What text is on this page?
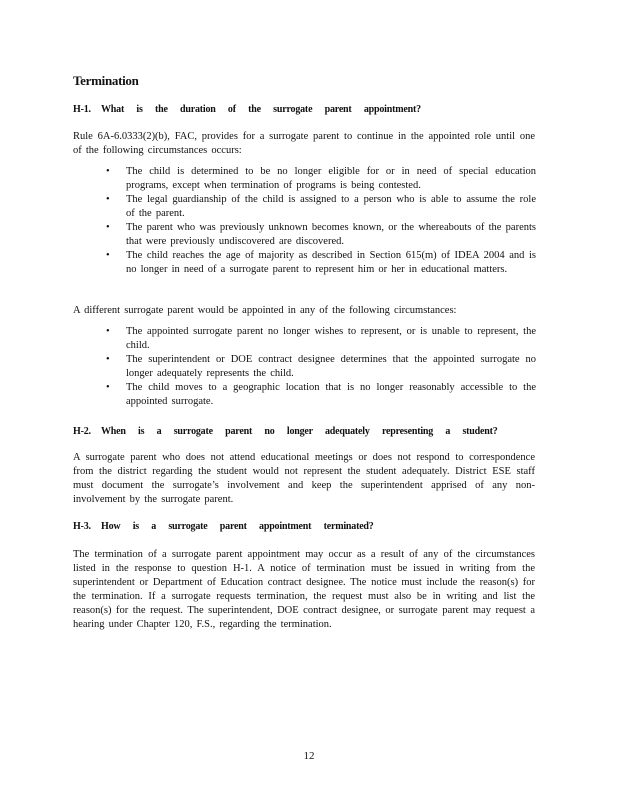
Termination
H-1. What is the duration of the surrogate parent appointment?
Rule 6A-6.0333(2)(b), FAC, provides for a surrogate parent to continue in the appointed role until one of the following circumstances occurs:
• The child is determined to be no longer eligible for or in need of special education programs, except when termination of programs is being contested.
• The legal guardianship of the child is assigned to a person who is able to assume the role of the parent.
• The parent who was previously unknown becomes known, or the whereabouts of the parents that were previously undiscovered are discovered.
• The child reaches the age of majority as described in Section 615(m) of IDEA 2004 and is no longer in need of a surrogate parent to represent him or her in educational matters.
A different surrogate parent would be appointed in any of the following circumstances:
• The appointed surrogate parent no longer wishes to represent, or is unable to represent, the child.
• The superintendent or DOE contract designee determines that the appointed surrogate no longer adequately represents the child.
• The child moves to a geographic location that is no longer reasonably accessible to the appointed surrogate.
H-2. When is a surrogate parent no longer adequately representing a student?
A surrogate parent who does not attend educational meetings or does not respond to correspondence from the district regarding the student would not represent the student adequately. District ESE staff must document the surrogate’s involvement and keep the superintendent apprised of any non-involvement by the surrogate parent.
H-3. How is a surrogate parent appointment terminated?
The termination of a surrogate parent appointment may occur as a result of any of the circumstances listed in the response to question H-1. A notice of termination must be issued in writing from the superintendent or Department of Education contract designee. The notice must include the reason(s) for the termination. If a surrogate requests termination, the request must also be in writing and list the reason(s) for the request. The superintendent, DOE contract designee, or surrogate parent may request a hearing under Chapter 120, F.S., regarding the termination.
12
